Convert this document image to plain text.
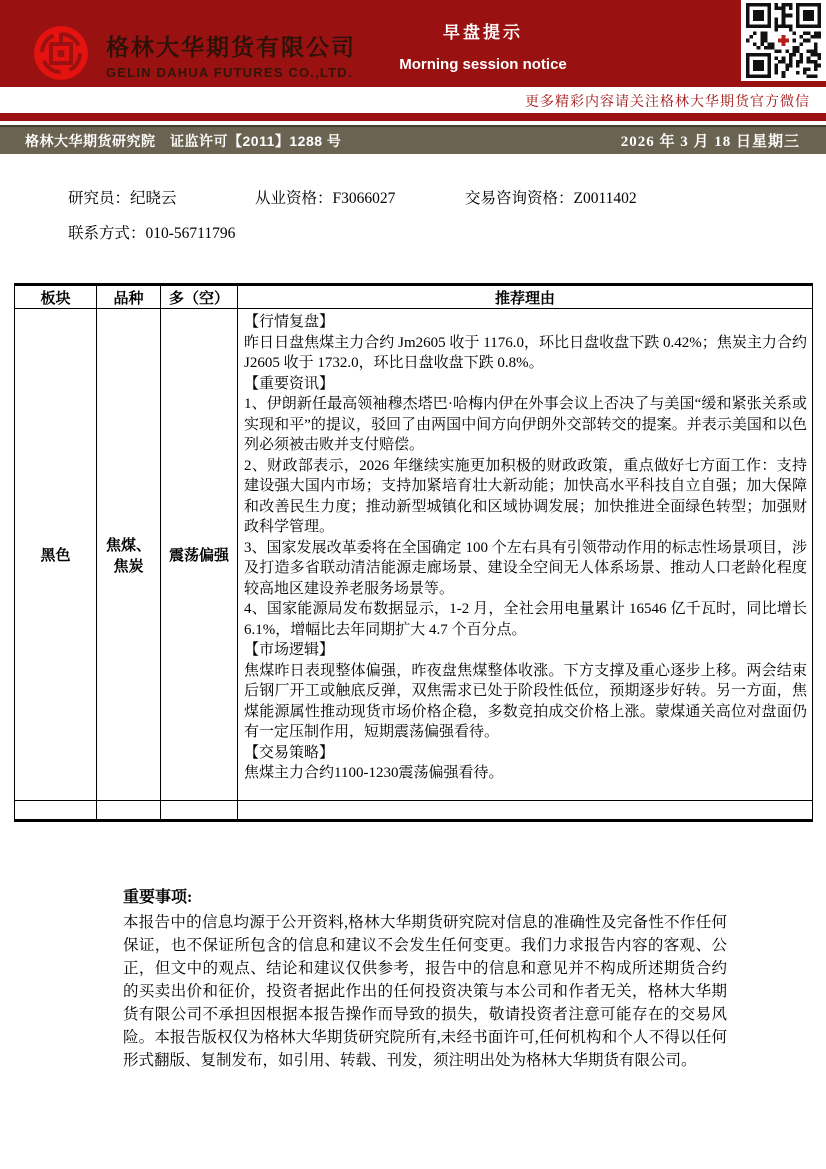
格林大华期货有限公司
GELIN DAHUA FUTURES CO.,LTD.
早盘提示
Morning session notice
更多精彩内容请关注格林大华期货官方微信
格林大华期货研究院　证监许可【2011】1288 号	2026 年 3 月 18 日星期三
研究员：纪晓云	从业资格：F3066027	交易咨询资格：Z0011402
联系方式：010-56711796
板块	品种	多（空）	推荐理由
黑色	焦煤、焦炭	震荡偏强	
【行情复盘】
昨日日盘焦煤主力合约 Jm2605 收于 1176.0，环比日盘收盘下跌 0.42%；焦炭主力合约 J2605 收于 1732.0，环比日盘收盘下跌 0.8%。
【重要资讯】
1、伊朗新任最高领袖穆杰塔巴·哈梅内伊在外事会议上否决了与美国“缓和紧张关系或实现和平”的提议，驳回了由两国中间方向伊朗外交部转交的提案。并表示美国和以色列必须被击败并支付赔偿。
2、财政部表示，2026 年继续实施更加积极的财政政策，重点做好七方面工作：支持建设强大国内市场；支持加紧培育壮大新动能；加快高水平科技自立自强；加大保障和改善民生力度；推动新型城镇化和区域协调发展；加快推进全面绿色转型；加强财政科学管理。
3、国家发展改革委将在全国确定 100 个左右具有引领带动作用的标志性场景项目，涉及打造多省联动清洁能源走廊场景、建设全空间无人体系场景、推动人口老龄化程度较高地区建设养老服务场景等。
4、国家能源局发布数据显示，1-2 月，全社会用电量累计 16546 亿千瓦时，同比增长 6.1%，增幅比去年同期扩大 4.7 个百分点。
【市场逻辑】
焦煤昨日表现整体偏强，昨夜盘焦煤整体收涨。下方支撑及重心逐步上移。两会结束后钢厂开工或触底反弹，双焦需求已处于阶段性低位，预期逐步好转。另一方面，焦煤能源属性推动现货市场价格企稳，多数竞拍成交价格上涨。蒙煤通关高位对盘面仍有一定压制作用，短期震荡偏强看待。
【交易策略】
焦煤主力合约1100-1230震荡偏强看待。

重要事项:
本报告中的信息均源于公开资料,格林大华期货研究院对信息的准确性及完备性不作任何保证，也不保证所包含的信息和建议不会发生任何变更。我们力求报告内容的客观、公正，但文中的观点、结论和建议仅供参考，报告中的信息和意见并不构成所述期货合约的买卖出价和征价，投资者据此作出的任何投资决策与本公司和作者无关，格林大华期货有限公司不承担因根据本报告操作而导致的损失，敬请投资者注意可能存在的交易风险。本报告版权仅为格林大华期货研究院所有,未经书面许可,任何机构和个人不得以任何形式翻版、复制发布，如引用、转载、刊发，须注明出处为格林大华期货有限公司。
